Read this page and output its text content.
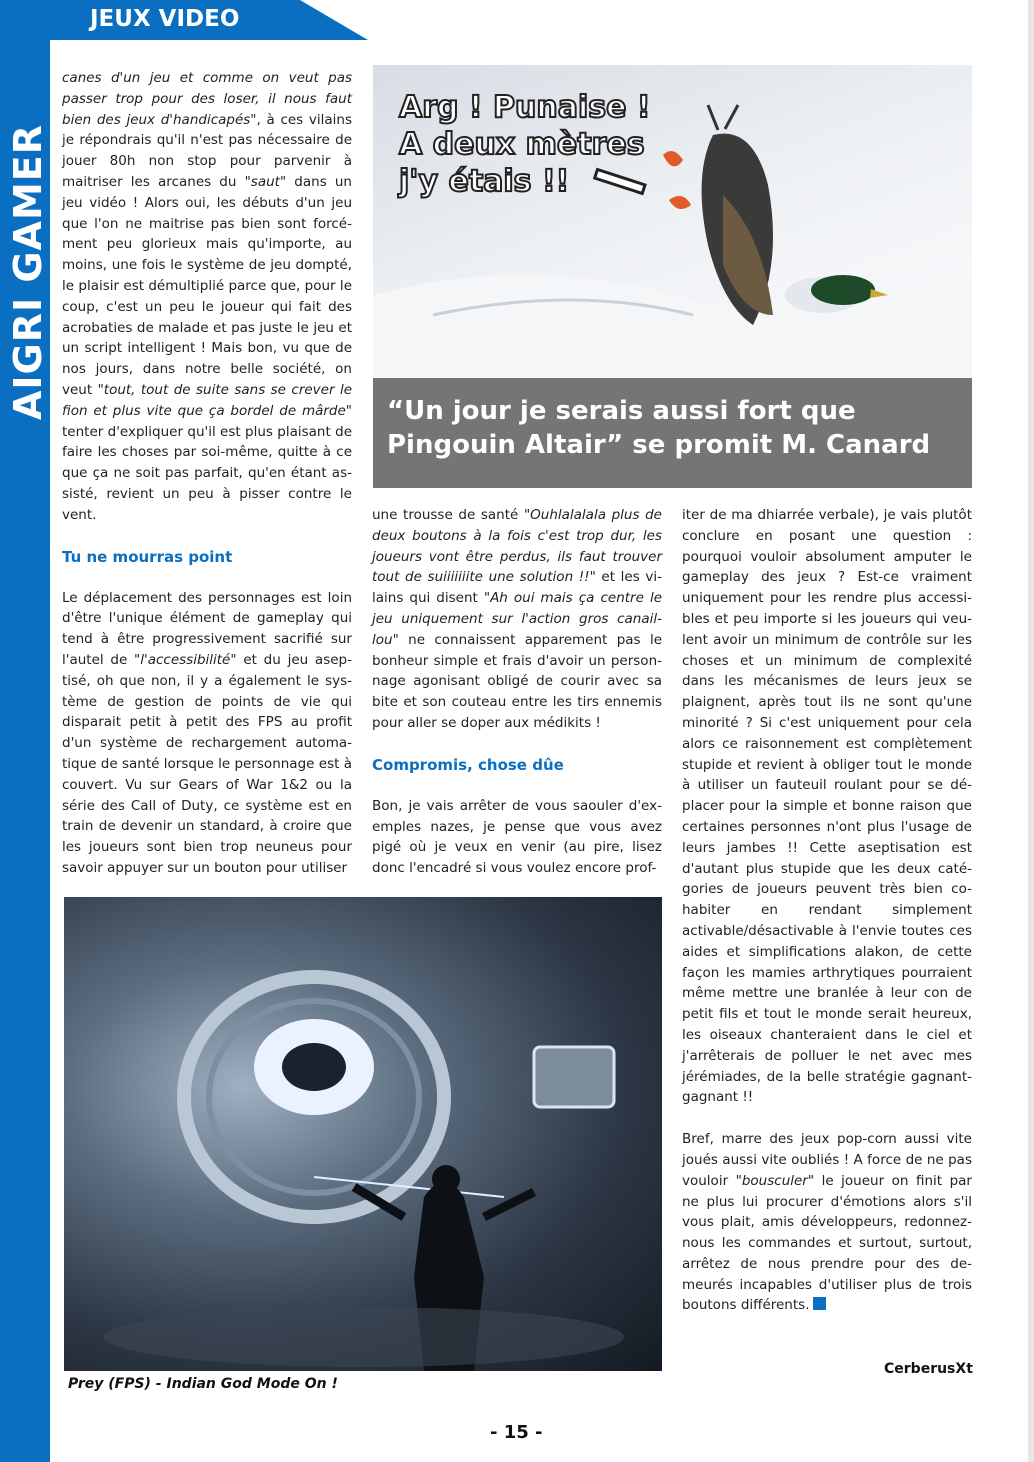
AIGRI GAMER
JEUX VIDEO

canes d'un jeu et comme on veut pas passer trop pour des loser, il nous faut bien des jeux d'handicapés", à ces vilains je répondrais qu'il n'est pas nécessaire de jouer 80h non stop pour parvenir à maitriser les arcanes du "saut" dans un jeu vidéo ! Alors oui, les débuts d'un jeu que l'on ne maitrise pas bien sont forcé-ment peu glorieux mais qu'importe, au moins, une fois le système de jeu dompté, le plaisir est démultiplié parce que, pour le coup, c'est un peu le joueur qui fait des acrobaties de malade et pas juste le jeu et un script intelligent ! Mais bon, vu que de nos jours, dans notre belle société, on veut "tout, tout de suite sans se crever le fion et plus vite que ça bordel de mârde" tenter d'expliquer qu'il est plus plaisant de faire les choses par soi-même, quitte à ce que ça ne soit pas parfait, qu'en étant as-sisté, revient un peu à pisser contre le vent.

Tu ne mourras point

Le déplacement des personnages est loin d'être l'unique élément de gameplay qui tend à être progressivement sacrifié sur l'autel de "l'accessibilité" et du jeu asep-tisé, oh que non, il y a également le sys-tème de gestion de points de vie qui disparait petit à petit des FPS au profit d'un système de rechargement automa-tique de santé lorsque le personnage est à couvert. Vu sur Gears of War 1&2 ou la série des Call of Duty, ce système est en train de devenir un standard, à croire que les joueurs sont bien trop neuneus pour savoir appuyer sur un bouton pour utiliser

Arg ! Punaise !
A deux mètres
j'y étais !!
“Un jour je serais aussi fort que Pingouin Altair” se promit M. Canard

une trousse de santé "Ouhlalalala plus de deux boutons à la fois c'est trop dur, les joueurs vont être perdus, ils faut trouver tout de suiiiiiiite une solution !!" et les vi-lains qui disent "Ah oui mais ça centre le jeu uniquement sur l'action gros canail-lou" ne connaissent apparement pas le bonheur simple et frais d'avoir un person-nage agonisant obligé de courir avec sa bite et son couteau entre les tirs ennemis pour aller se doper aux médikits !

Compromis, chose dûe

Bon, je vais arrêter de vous saouler d'ex-emples nazes, je pense que vous avez pigé où je veux en venir (au pire, lisez donc l'encadré si vous voulez encore prof-

iter de ma dhiarrée verbale), je vais plutôt conclure en posant une question : pourquoi vouloir absolument amputer le gameplay des jeux ? Est-ce vraiment uniquement pour les rendre plus accessi-bles et peu importe si les joueurs qui veu-lent avoir un minimum de contrôle sur les choses et un minimum de complexité dans les mécanismes de leurs jeux se plaignent, après tout ils ne sont qu'une minorité ? Si c'est uniquement pour cela alors ce raisonnement est complètement stupide et revient à obliger tout le monde à utiliser un fauteuil roulant pour se dé-placer pour la simple et bonne raison que certaines personnes n'ont plus l'usage de leurs jambes !! Cette aseptisation est d'autant plus stupide que les deux caté-gories de joueurs peuvent très bien co-habiter en rendant simplement activable/désactivable à l'envie toutes ces aides et simplifications alakon, de cette façon les mamies arthrytiques pourraient même mettre une branlée à leur con de petit fils et tout le monde serait heureux, les oiseaux chanteraient dans le ciel et j'arrêterais de polluer le net avec mes jérémiades, de la belle stratégie gagnant-gagnant !!

Bref, marre des jeux pop-corn aussi vite joués aussi vite oubliés ! A force de ne pas vouloir "bousculer" le joueur on finit par ne plus lui procurer d'émotions alors s'il vous plait, amis développeurs, redonnez-nous les commandes et surtout, surtout, arrêtez de nous prendre pour des de-meurés incapables d'utiliser plus de trois boutons différents.

Prey (FPS) - Indian God Mode On !
CerberusXt
- 15 -
